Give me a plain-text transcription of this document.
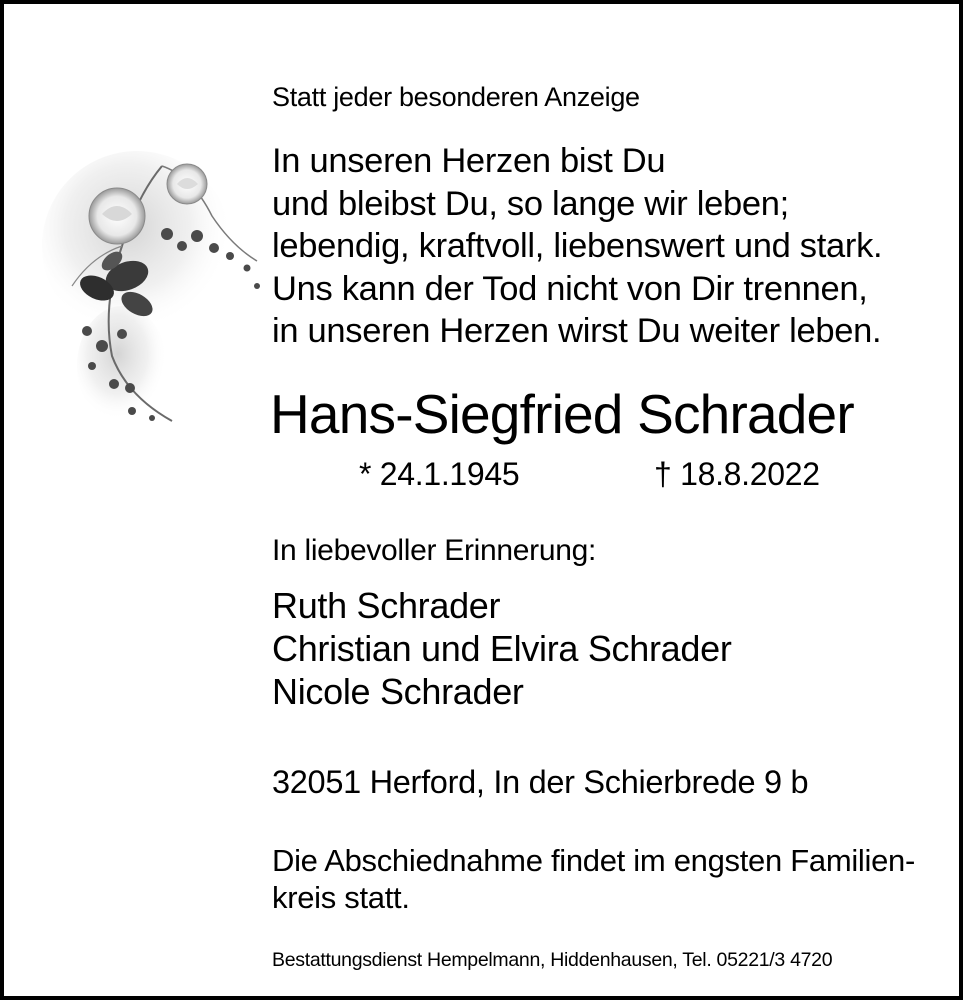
Statt jeder besonderen Anzeige
In unseren Herzen bist Du
und bleibst Du, so lange wir leben;
lebendig, kraftvoll, liebenswert und stark.
Uns kann der Tod nicht von Dir trennen,
in unseren Herzen wirst Du weiter leben.
Hans-Siegfried Schrader
* 24.1.1945	† 18.8.2022
In liebevoller Erinnerung:
Ruth Schrader
Christian und Elvira Schrader
Nicole Schrader
32051 Herford, In der Schierbrede 9 b
Die Abschiednahme findet im engsten Familien-
kreis statt.
Bestattungsdienst Hempelmann, Hiddenhausen, Tel. 05221/3 4720
